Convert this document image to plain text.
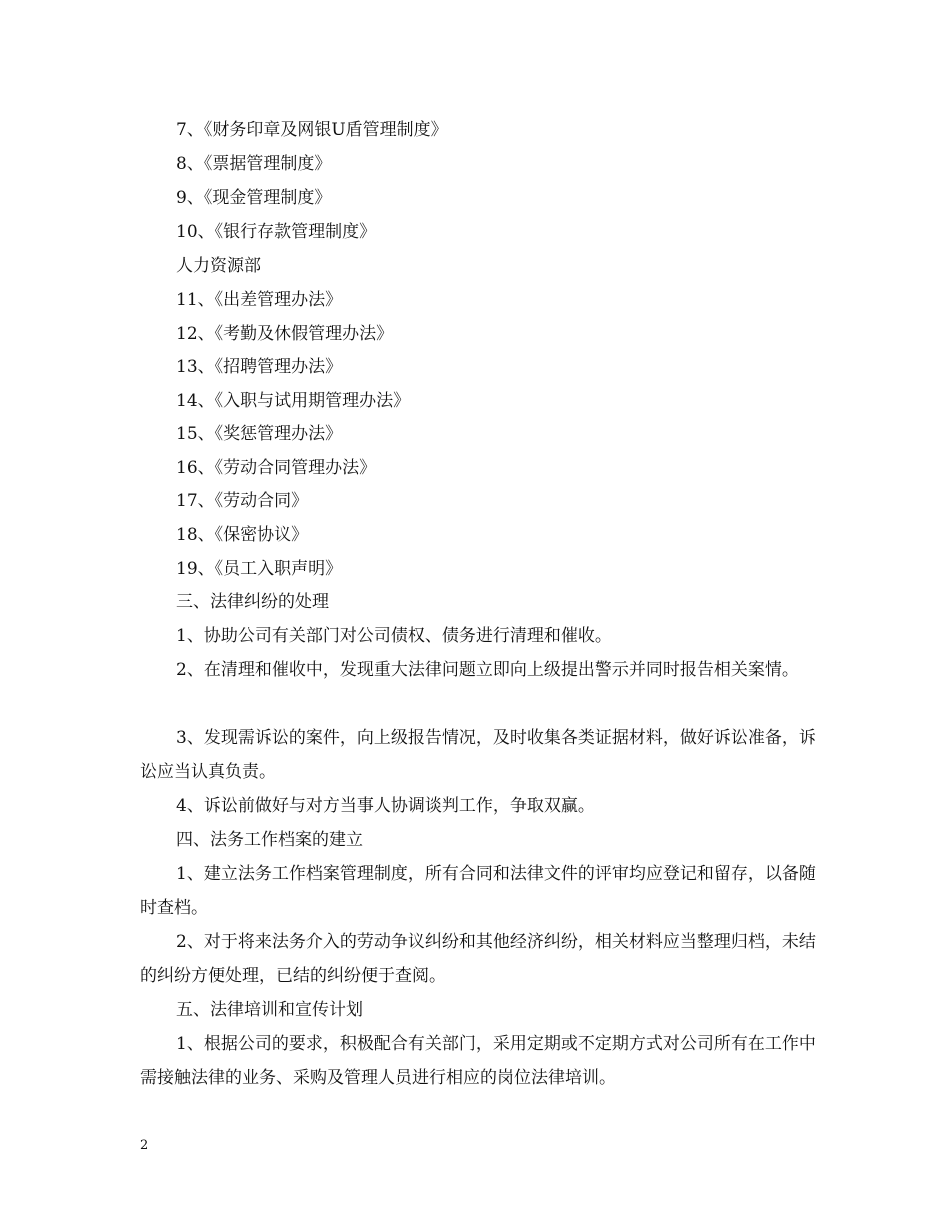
7、《财务印章及网银U盾管理制度》

8、《票据管理制度》

9、《现金管理制度》

10、《银行存款管理制度》

人力资源部

11、《出差管理办法》

12、《考勤及休假管理办法》

13、《招聘管理办法》

14、《入职与试用期管理办法》

15、《奖惩管理办法》

16、《劳动合同管理办法》

17、《劳动合同》

18、《保密协议》

19、《员工入职声明》

三、法律纠纷的处理

1、协助公司有关部门对公司债权、债务进行清理和催收。

2、在清理和催收中，发现重大法律问题立即向上级提出警示并同时报告相关案情。

3、发现需诉讼的案件，向上级报告情况，及时收集各类证据材料，做好诉讼准备，诉讼应当认真负责。

4、诉讼前做好与对方当事人协调谈判工作，争取双赢。

四、法务工作档案的建立

1、建立法务工作档案管理制度，所有合同和法律文件的评审均应登记和留存，以备随时查档。

2、对于将来法务介入的劳动争议纠纷和其他经济纠纷，相关材料应当整理归档，未结的纠纷方便处理，已结的纠纷便于查阅。

五、法律培训和宣传计划

1、根据公司的要求，积极配合有关部门，采用定期或不定期方式对公司所有在工作中需接触法律的业务、采购及管理人员进行相应的岗位法律培训。

2
